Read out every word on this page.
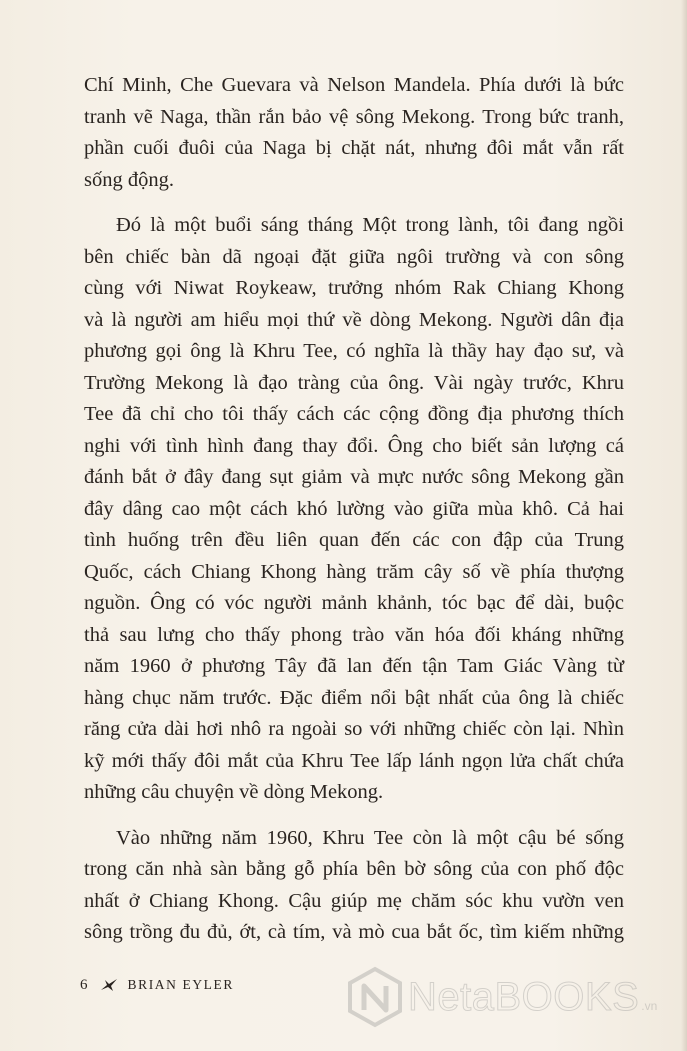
Chí Minh, Che Guevara và Nelson Mandela. Phía dưới là bức
tranh vẽ Naga, thần rắn bảo vệ sông Mekong. Trong bức tranh,
phần cuối đuôi của Naga bị chặt nát, nhưng đôi mắt vẫn rất
sống động.
Đó là một buổi sáng tháng Một trong lành, tôi đang ngồi
bên chiếc bàn dã ngoại đặt giữa ngôi trường và con sông
cùng với Niwat Roykeaw, trưởng nhóm Rak Chiang Khong
và là người am hiểu mọi thứ về dòng Mekong. Người dân địa
phương gọi ông là Khru Tee, có nghĩa là thầy hay đạo sư, và
Trường Mekong là đạo tràng của ông. Vài ngày trước, Khru
Tee đã chỉ cho tôi thấy cách các cộng đồng địa phương thích
nghi với tình hình đang thay đổi. Ông cho biết sản lượng cá
đánh bắt ở đây đang sụt giảm và mực nước sông Mekong gần
đây dâng cao một cách khó lường vào giữa mùa khô. Cả hai
tình huống trên đều liên quan đến các con đập của Trung
Quốc, cách Chiang Khong hàng trăm cây số về phía thượng
nguồn. Ông có vóc người mảnh khảnh, tóc bạc để dài, buộc
thả sau lưng cho thấy phong trào văn hóa đối kháng những
năm 1960 ở phương Tây đã lan đến tận Tam Giác Vàng từ
hàng chục năm trước. Đặc điểm nổi bật nhất của ông là chiếc
răng cửa dài hơi nhô ra ngoài so với những chiếc còn lại. Nhìn
kỹ mới thấy đôi mắt của Khru Tee lấp lánh ngọn lửa chất chứa
những câu chuyện về dòng Mekong.
Vào những năm 1960, Khru Tee còn là một cậu bé sống
trong căn nhà sàn bằng gỗ phía bên bờ sông của con phố độc
nhất ở Chiang Khong. Cậu giúp mẹ chăm sóc khu vườn ven
sông trồng đu đủ, ớt, cà tím, và mò cua bắt ốc, tìm kiếm những
6	BRIAN EYLER	NetaBOOKS .vn
